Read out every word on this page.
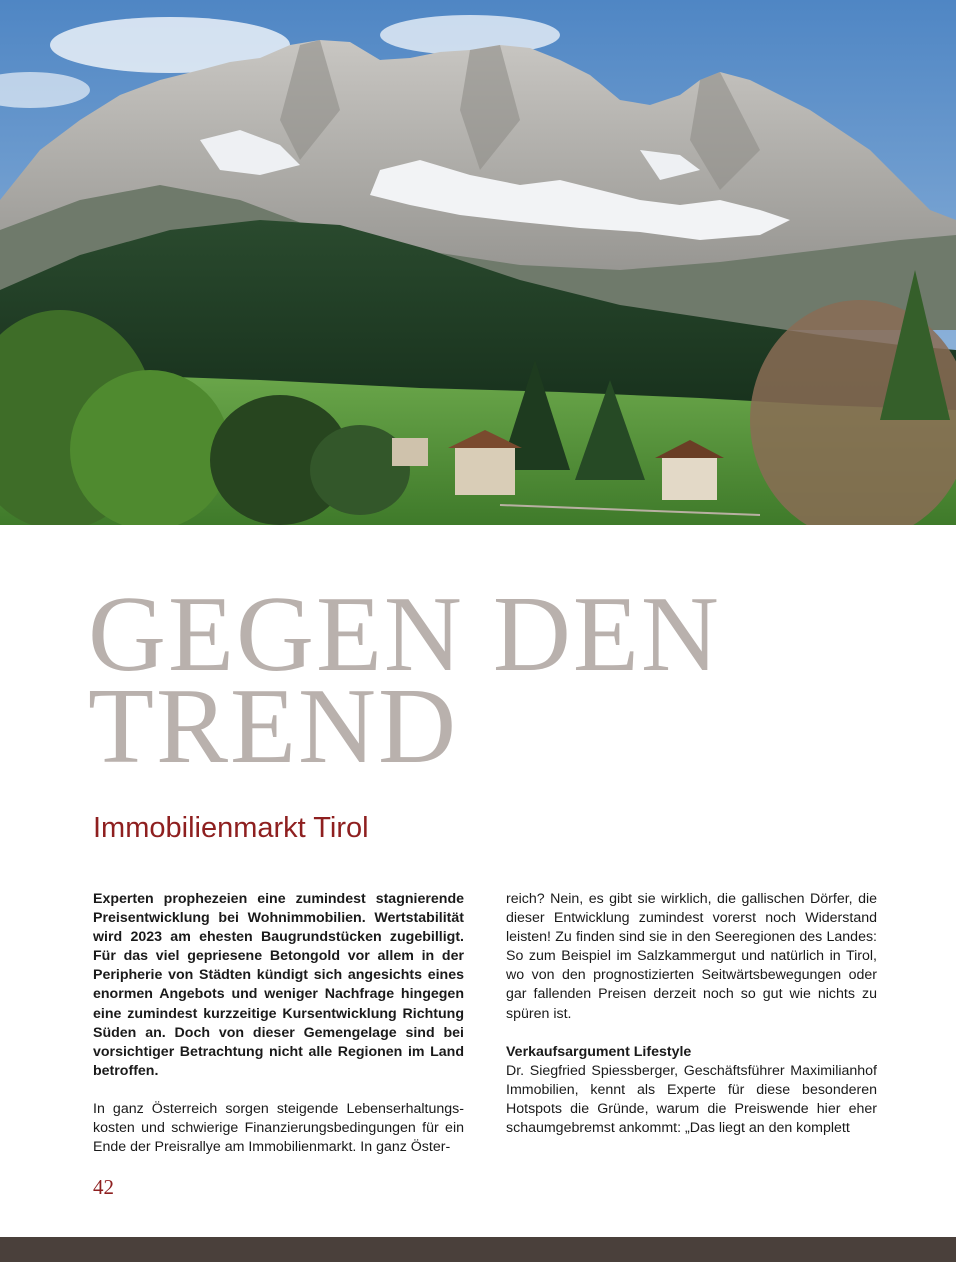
GEGEN DEN
TREND
Immobilienmarkt Tirol

Experten prophezeien eine zumindest stagnierende Preisentwicklung bei Wohnimmobilien. Wertstabilität wird 2023 am ehesten Baugrundstücken zugebilligt. Für das viel gepriesene Betongold vor allem in der Peripherie von Städten kündigt sich angesichts eines enormen Angebots und weniger Nachfrage hingegen eine zumindest kurzzeitige Kursentwicklung Richtung Süden an. Doch von dieser Gemengelage sind bei vorsichtiger Betrachtung nicht alle Regionen im Land betroffen.

In ganz Österreich sorgen steigende Lebenserhaltungs-kosten und schwierige Finanzierungsbedingungen für ein Ende der Preisrallye am Immobilienmarkt. In ganz Öster-

reich? Nein, es gibt sie wirklich, die gallischen Dörfer, die dieser Entwicklung zumindest vorerst noch Widerstand leisten! Zu finden sind sie in den Seeregionen des Landes: So zum Beispiel im Salzkammergut und natürlich in Tirol, wo von den prognostizierten Seitwärtsbewegungen oder gar fallenden Preisen derzeit noch so gut wie nichts zu spüren ist.

Verkaufsargument Lifestyle

Dr. Siegfried Spiessberger, Geschäftsführer Maximilianhof Immobilien, kennt als Experte für diese besonderen Hotspots die Gründe, warum die Preiswende hier eher schaumgebremst ankommt: „Das liegt an den komplett

42
